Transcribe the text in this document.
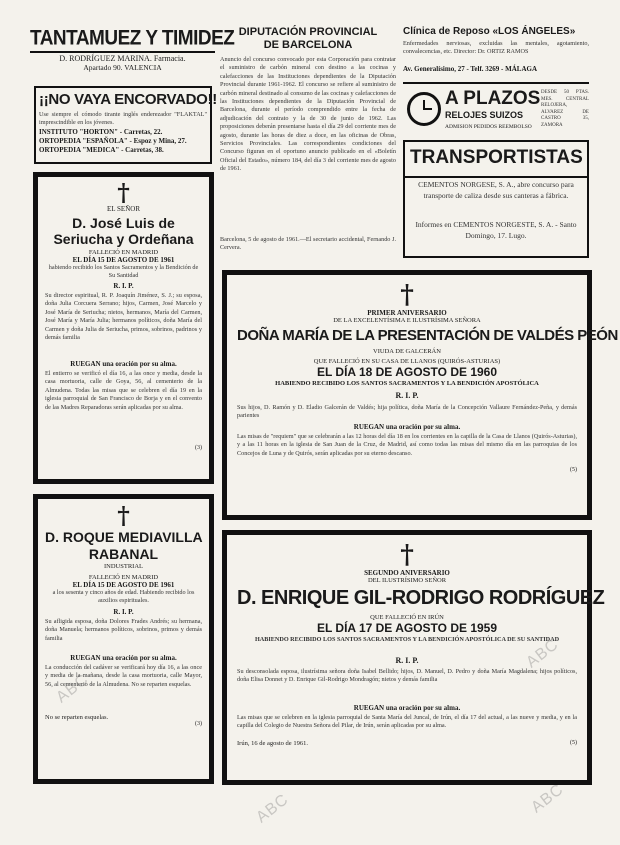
TANTAMUEZ Y TIMIDEZ
D. RODRÍGUEZ MARINA. Farmacia.
Apartado 90. VALENCIA
¡¡NO VAYA ENCORVADO!!
Use siempre el cómodo tirante inglés enderezador "FLAKTAL" imprescindible en los jóvenes.
INSTITUTO "HORTON" - Carretas, 22.
ORTOPEDIA "ESPAÑOLA" - Espoz y Mina, 27.
ORTOPEDIA "MEDICA" - Carretas, 38.
†
EL SEÑOR
D. José Luis de Seriucha y Ordeñana
FALLECIÓ EN MADRID
EL DÍA 15 DE AGOSTO DE 1961
habiendo recibido los Santos Sacramentos y la Bendición de Su Santidad
R. I. P.
Su director espiritual, R. P. Joaquín Jiménez, S. J.; su esposa, doña Julia Corcuera Serrano; hijos, Carmen, José Marcelo y José María de Seriucha; nietos, hermanos, María del Carmen, José María y María Julia; hermanos políticos, doña María del Carmen y doña Julia de Seriucha, primos, sobrinos, padrinos y demás familia
RUEGAN una oración por su alma.
El entierro se verificó el día 16, a las once y media, desde la casa mortuoria, calle de Goya, 56, al cementerio de la Almudena. Todas las misas que se celebren el día 19 en la iglesia parroquial de San Francisco de Borja y en el convento de las Madres Reparadoras serán aplicadas por su alma.
(3)
†
D. ROQUE MEDIAVILLA
RABANAL
INDUSTRIAL
FALLECIÓ EN MADRID
EL DÍA 15 DE AGOSTO DE 1961
a los sesenta y cinco años de edad. Habiendo recibido los auxilios espirituales.
R. I. P.
Su afligida esposa, doña Dolores Frades Andrés; su hermana, doña Manuela; hermanos políticos, sobrinos, primos y demás familia
RUEGAN una oración por su alma.
La conducción del cadáver se verificará hoy día 16, a las once y media de la mañana, desde la casa mortuoria, calle Mayor, 56, al cementerio de la Almudena. No se reparten esquelas.
No se reparten esquelas.
(3)
DIPUTACIÓN PROVINCIAL
DE BARCELONA
Anuncio del concurso convocado por esta Corporación para contratar el suministro de carbón mineral con destino a las cocinas y calefacciones de las Instituciones dependientes de la Diputación Provincial durante 1961-1962. El concurso se refiere al suministro de carbón mineral destinado al consumo de las cocinas y calefacciones de las Instituciones dependientes de la Diputación Provincial de Barcelona, durante el período comprendido entre la fecha de adjudicación del contrato y la de 30 de junio de 1962. Las proposiciones deberán presentarse hasta el día 29 del corriente mes de agosto, durante las horas de diez a doce, en las oficinas de Obras, Servicios Provinciales. Las correspondientes condiciones del Concurso figuran en el oportuno anuncio publicado en el «Boletín Oficial del Estado», número 184, del día 3 del corriente mes de agosto de 1961.
Barcelona, 5 de agosto de 1961.—El secretario accidental, Fernando J. Cervera.
Clínica de Reposo «LOS ÁNGELES»
Enfermedades nerviosas, excluidas las mentales, agotamiento, convalecencias, etc. Director: Dr. ORTIZ RAMOS
Av. Generalísimo, 27 - Telf. 3269 - MÁLAGA
A PLAZOS
RELOJES SUIZOS
DESDE 50 PTAS. MES. CENTRAL RELOJERA, ALVAREZ DE CASTRO 35, ZAMORA
ADMISION PEDIDOS REEMBOLSO
TRANSPORTISTAS
CEMENTOS NORGESE, S. A., abre concurso para transporte de caliza desde sus canteras a fábrica.
Informes en CEMENTOS NORGESTE, S. A. - Santo Domingo, 17. Lugo.
†
PRIMER ANIVERSARIO
DE LA EXCELENTÍSIMA E ILUSTRÍSIMA SEÑORA
DOÑA MARÍA DE LA PRESENTACIÓN DE VALDÉS PEÓN
VIUDA DE GALCERÁN
QUE FALLECIÓ EN SU CASA DE LLANOS (QUIRÓS-ASTURIAS)
EL DÍA 18 DE AGOSTO DE 1960
HABIENDO RECIBIDO LOS SANTOS SACRAMENTOS Y LA BENDICIÓN APOSTÓLICA
R. I. P.
Sus hijos, D. Ramón y D. Eladio Galcerán de Valdés; hija política, doña María de la Concepción Vallaure Fernández-Peña, y demás parientes
RUEGAN una oración por su alma.
Las misas de "requiem" que se celebrarán a las 12 horas del día 18 en los corrientes en la capilla de la Casa de Llanos (Quirós-Asturias), y a las 11 horas en la iglesia de San Juan de la Cruz, de Madrid, así como todas las misas del mismo día en las parroquias de los Concejos de Luna y de Quirós, serán aplicadas por su eterno descanso.
(5)
†
SEGUNDO ANIVERSARIO
DEL ILUSTRÍSIMO SEÑOR
D. ENRIQUE GIL-RODRIGO RODRÍGUEZ
QUE FALLECIÓ EN IRÚN
EL DÍA 17 DE AGOSTO DE 1959
HABIENDO RECIBIDO LOS SANTOS SACRAMENTOS Y LA BENDICIÓN APOSTÓLICA DE SU SANTIDAD
R. I. P.
Su desconsolada esposa, ilustrísima señora doña Isabel Bellido; hijos, D. Manuel, D. Pedro y doña María Magdalena; hijos políticos, doña Elisa Donnet y D. Enrique Gil-Rodrigo Mondragón; nietos y demás familia
RUEGAN una oración por su alma.
Las misas que se celebren en la iglesia parroquial de Santa María del Juncal, de Irún, el día 17 del actual, a las nueve y media, y en la capilla del Colegio de Nuestra Señora del Pilar, de Irún, serán aplicadas por su alma.
Irún, 16 de agosto de 1961.	(5)
ABC
ABC
ABC
ABC
